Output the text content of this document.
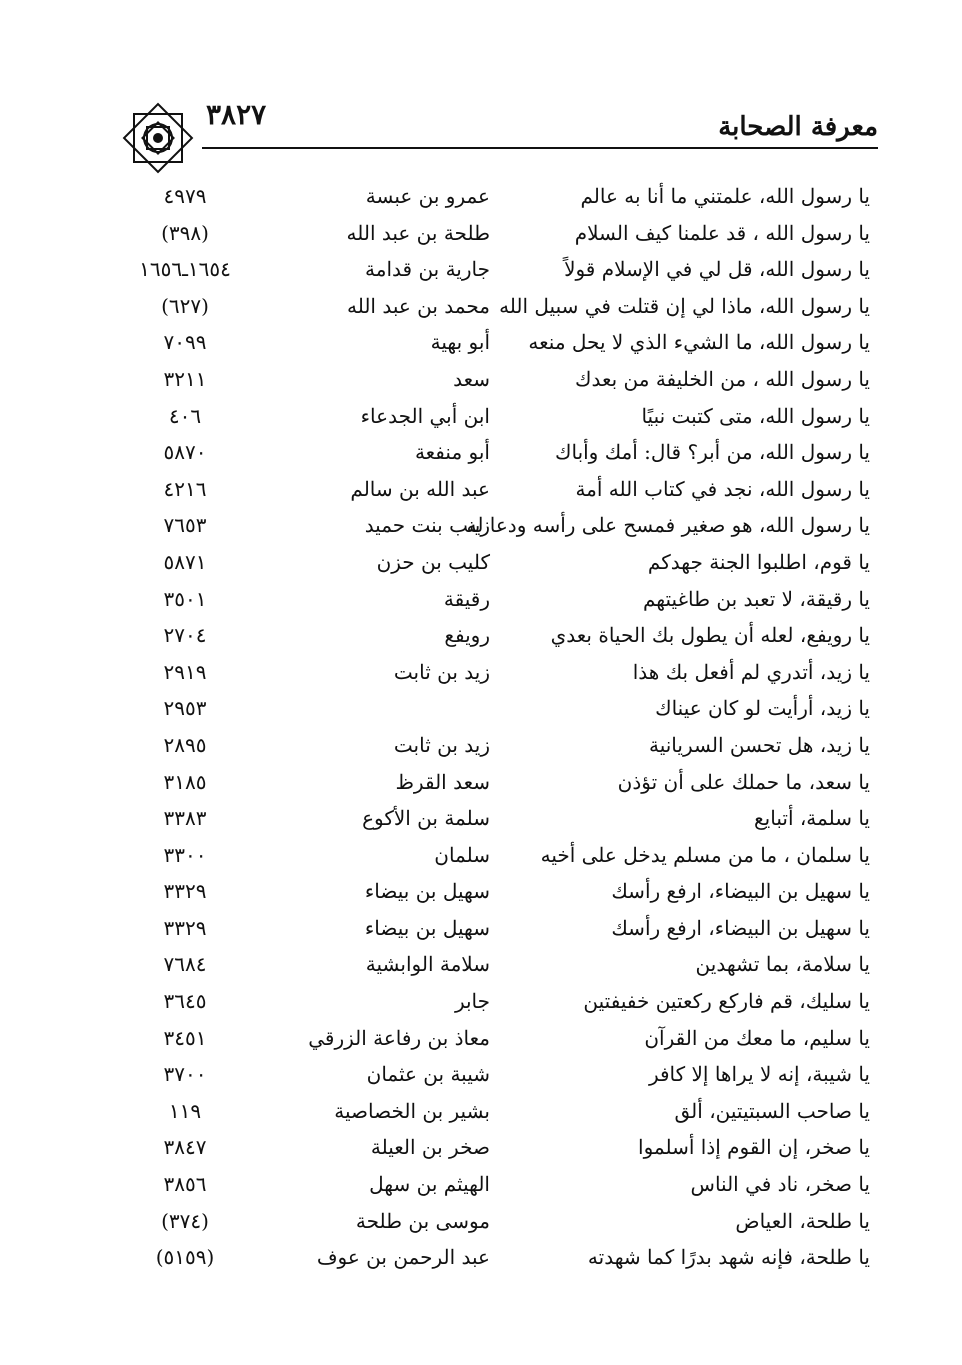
٣٨٢٧	معرفة الصحابة
يا رسول الله، علمتني ما أنا به عالم
عمرو بن عبسة
٤٩٧٩
يا رسول الله ، قد علمنا كيف السلام
طلحة بن عبد الله
(٣٩٨)
يا رسول الله، قل لي في الإسلام قولاً
جارية بن قدامة
١٦٥٤ـ١٦٥٦
يا رسول الله، ماذا لي إن قتلت في سبيل الله
محمد بن عبد الله
(٦٢٧)
يا رسول الله، ما الشيء الذي لا يحل منعه
أبو بهية
٧٠٩٩
يا رسول الله ، من الخليفة من بعدك
سعد
٣٢١١
يا رسول الله، متى كتبت نبيًا
ابن أبي الجدعاء
٤٠٦
يا رسول الله، من أبر؟ قال: أمك وأباك
أبو منفعة
٥٨٧٠
يا رسول الله، نجد في كتاب الله أمة
عبد الله بن سالم
٤٢١٦
يا رسول الله، هو صغير فمسح على رأسه ودعا له
زينب بنت حميد
٧٦٥٣
يا قوم، اطلبوا الجنة جهدكم
كليب بن حزن
٥٨٧١
يا رقيقة، لا تعبد بن طاغيتهم
رقيقة
٣٥٠١
يا رويفع، لعله أن يطول بك الحياة بعدي
رويفع
٢٧٠٤
يا زيد، أتدري لم أفعل بك هذا
زيد بن ثابت
٢٩١٩
يا زيد، أرأيت لو كان عيناك
٢٩٥٣
يا زيد، هل تحسن السريانية
زيد بن ثابت
٢٨٩٥
يا سعد، ما حملك على أن تؤذن
سعد القرظ
٣١٨٥
يا سلمة، أتبايع
سلمة بن الأكوع
٣٣٨٣
يا سلمان ، ما من مسلم يدخل على أخيه
سلمان
٣٣٠٠
يا سهيل بن البيضاء، ارفع رأسك
سهيل بن بيضاء
٣٣٢٩
يا سهيل بن البيضاء، ارفع رأسك
سهيل بن بيضاء
٣٣٢٩
يا سلامة، بما تشهدين
سلامة الوابشية
٧٦٨٤
يا سليك، قم فاركع ركعتين خفيفتين
جابر
٣٦٤٥
يا سليم، ما معك من القرآن
معاذ بن رفاعة الزرقي
٣٤٥١
يا شيبة، إنه لا يراها إلا كافر
شيبة بن عثمان
٣٧٠٠
يا صاحب السبتيتين، ألق
بشير بن الخصاصية
١١٩
يا صخر، إن القوم إذا أسلموا
صخر بن العيلة
٣٨٤٧
يا صخر، ناد في الناس
الهيثم بن سهل
٣٨٥٦
يا طلحة، العياض
موسى بن طلحة
(٣٧٤)
يا طلحة، فإنه شهد بدرًا كما شهدته
عبد الرحمن بن عوف
(٥١٥٩)
